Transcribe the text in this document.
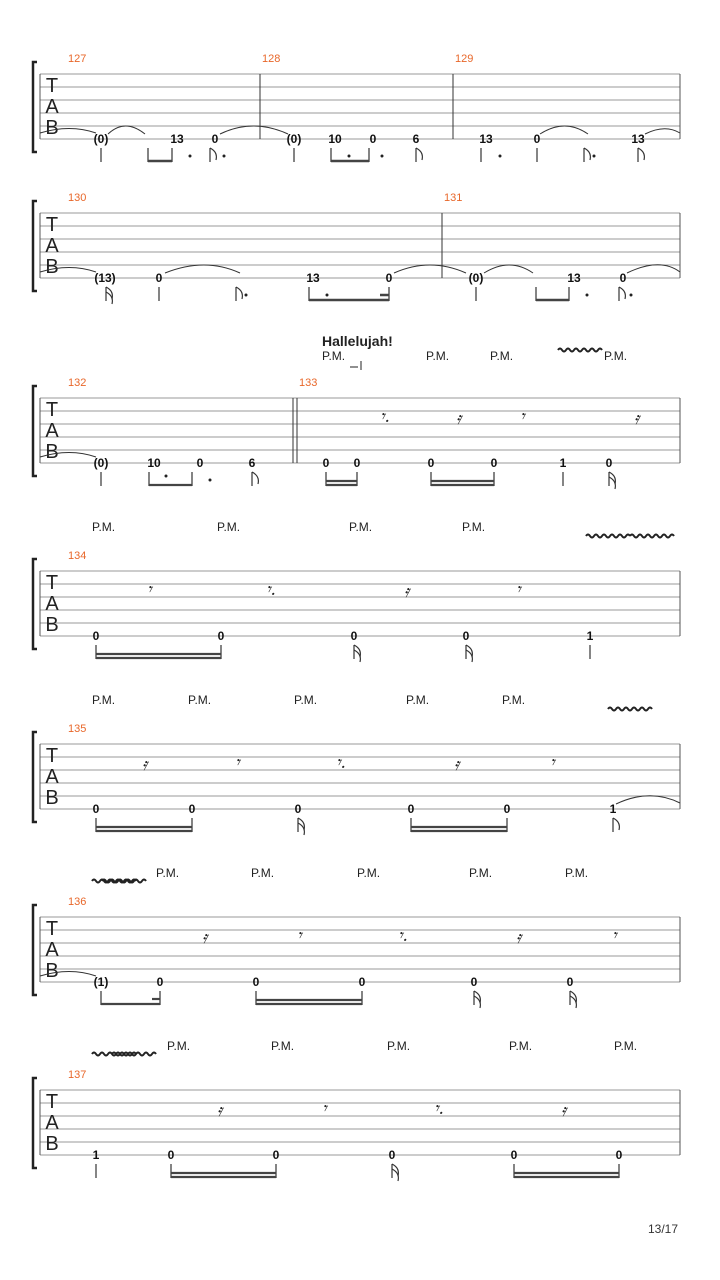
T
A
B
127	128	129
(0)	13 0	(0) 10 0	6	13	0	13
T
A
B
130	131
(13)	0	13	0	(0)	13	0
Hallelujah!
P.M.	P.M.	P.M.	P.M.
T
A
B
132	133
𝄾.	𝄿	𝄾	𝄿
(0)	10	0	6	0 0	0	0	1	0
P.M.	P.M.	P.M.	P.M.
T
A
B
134
𝄾	𝄾.	𝄿	𝄾
0	0	0	0	1
P.M.	P.M.	P.M.	P.M.	P.M.
T
A
B
135
𝄿	𝄾	𝄾.	𝄿	𝄾
0	0	0	0	0	1
P.M.	P.M.	P.M.	P.M.	P.M.
T
A
B
136
𝄿	𝄾	𝄾.	𝄿	𝄾
(1)	0	0	0	0	0
P.M.	P.M.	P.M.	P.M.	P.M.
T
A
B
137
𝄿	𝄾	𝄾.	𝄿
1	0	0	0	0	0
13/17
